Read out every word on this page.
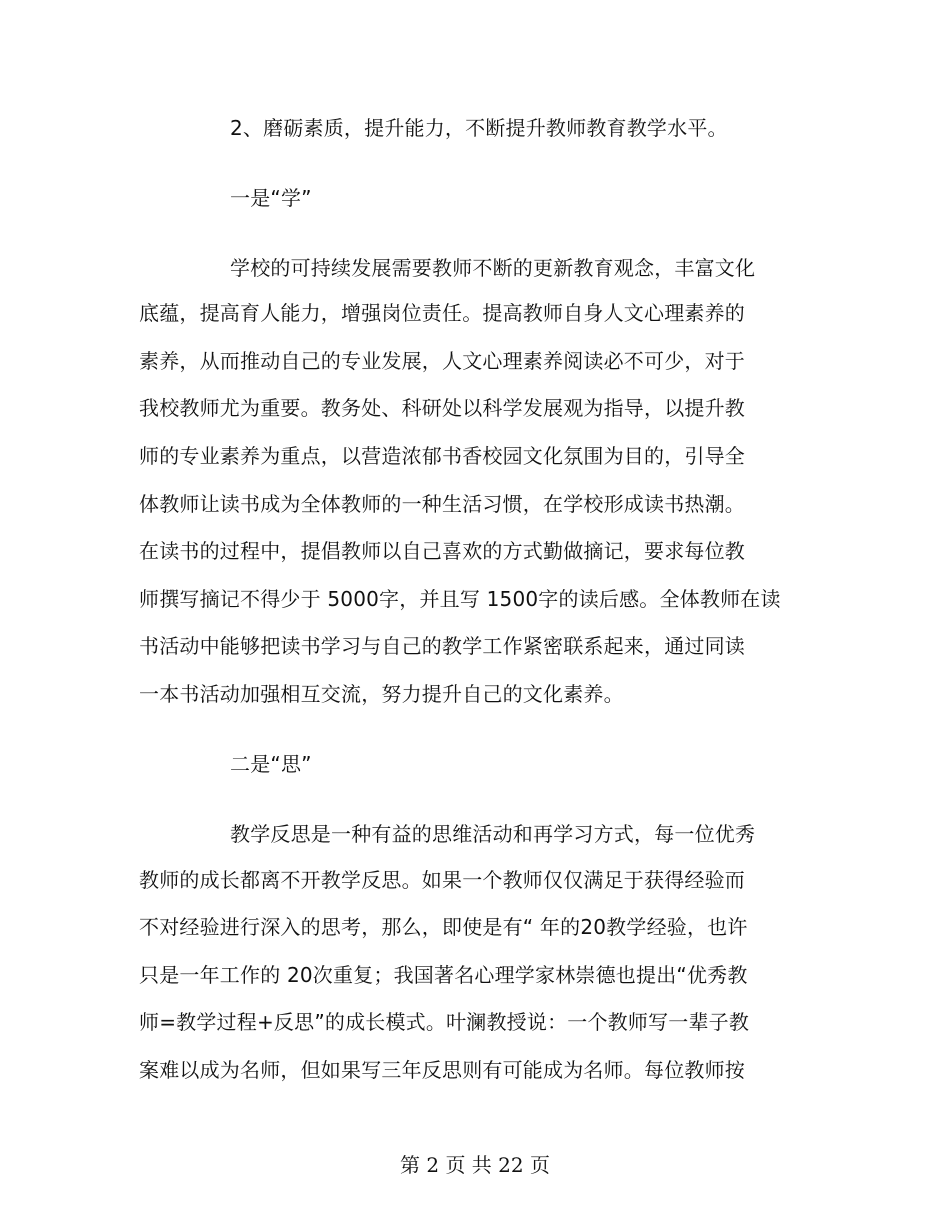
2、磨砺素质，提升能力，不断提升教师教育教学水平。
一是“学”
学校的可持续发展需要教师不断的更新教育观念，丰富文化
底蕴，提高育人能力，增强岗位责任。提高教师自身人文心理素养的
素养，从而推动自己的专业发展，人文心理素养阅读必不可少，对于
我校教师尤为重要。教务处、科研处以科学发展观为指导，以提升教
师的专业素养为重点，以营造浓郁书香校园文化氛围为目的，引导全
体教师让读书成为全体教师的一种生活习惯，在学校形成读书热潮。
在读书的过程中，提倡教师以自己喜欢的方式勤做摘记，要求每位教
师撰写摘记不得少于 5000字，并且写 1500字的读后感。全体教师在读
书活动中能够把读书学习与自己的教学工作紧密联系起来，通过同读
一本书活动加强相互交流，努力提升自己的文化素养。
二是“思”
教学反思是一种有益的思维活动和再学习方式，每一位优秀
教师的成长都离不开教学反思。如果一个教师仅仅满足于获得经验而
不对经验进行深入的思考，那么，即使是有“ 年的20教学经验，也许
只是一年工作的 20次重复；我国著名心理学家林崇德也提出“优秀教
师=教学过程+反思”的成长模式。叶澜教授说：一个教师写一辈子教
案难以成为名师，但如果写三年反思则有可能成为名师。每位教师按
第 2 页 共 22 页
